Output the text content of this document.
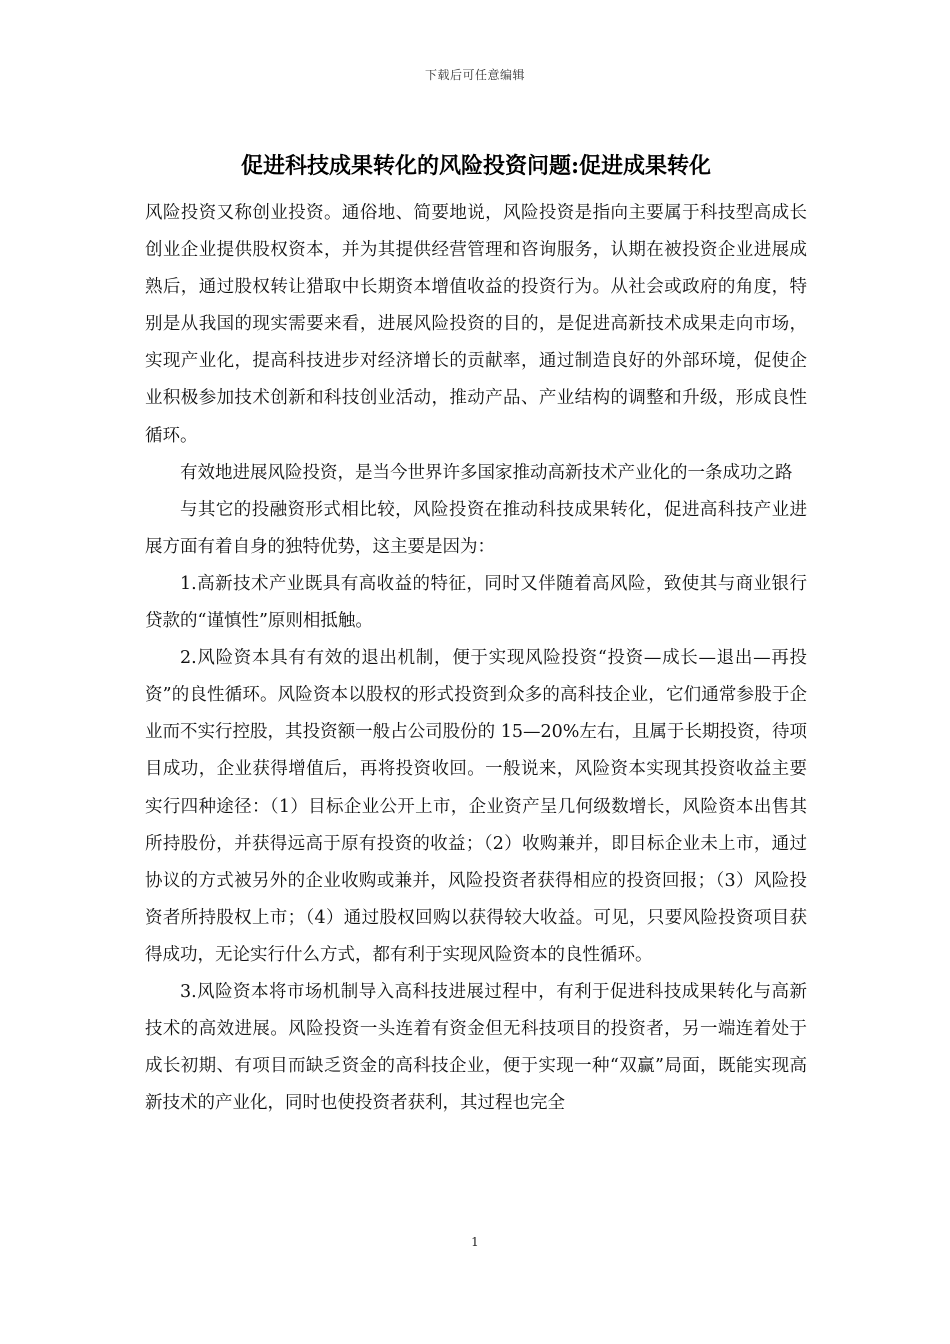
下载后可任意编辑
促进科技成果转化的风险投资问题:促进成果转化

风险投资又称创业投资。通俗地、简要地说，风险投资是指向主要属于科技型高成长创业企业提供股权资本，并为其提供经营管理和咨询服务，认期在被投资企业进展成熟后，通过股权转让猎取中长期资本增值收益的投资行为。从社会或政府的角度，特别是从我国的现实需要来看，进展风险投资的目的，是促进高新技术成果走向市场，实现产业化，提高科技进步对经济增长的贡献率，通过制造良好的外部环境，促使企业积极参加技术创新和科技创业活动，推动产品、产业结构的调整和升级，形成良性循环。

有效地进展风险投资，是当今世界许多国家推动高新技术产业化的一条成功之路

与其它的投融资形式相比较，风险投资在推动科技成果转化，促进高科技产业进展方面有着自身的独特优势，这主要是因为：

1.高新技术产业既具有高收益的特征，同时又伴随着高风险，致使其与商业银行贷款的“谨慎性”原则相抵触。

2.风险资本具有有效的退出机制，便于实现风险投资“投资—成长—退出—再投资”的良性循环。风险资本以股权的形式投资到众多的高科技企业，它们通常参股于企业而不实行控股，其投资额一般占公司股份的 15—20%左右，且属于长期投资，待项目成功，企业获得增值后，再将投资收回。一般说来，风险资本实现其投资收益主要实行四种途径：（1）目标企业公开上市，企业资产呈几何级数增长，风险资本出售其所持股份，并获得远高于原有投资的收益；（2）收购兼并，即目标企业未上市，通过协议的方式被另外的企业收购或兼并，风险投资者获得相应的投资回报；（3）风险投资者所持股权上市；（4）通过股权回购以获得较大收益。可见，只要风险投资项目获得成功，无论实行什么方式，都有利于实现风险资本的良性循环。

3.风险资本将市场机制导入高科技进展过程中，有利于促进科技成果转化与高新技术的高效进展。风险投资一头连着有资金但无科技项目的投资者，另一端连着处于成长初期、有项目而缺乏资金的高科技企业，便于实现一种“双赢”局面，既能实现高新技术的产业化，同时也使投资者获利，其过程也完全

1
